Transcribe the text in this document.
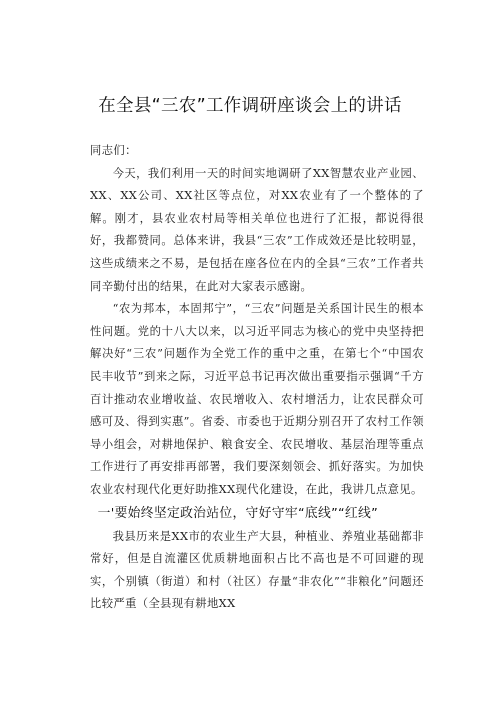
在全县“三农”工作调研座谈会上的讲话

同志们：

今天，我们利用一天的时间实地调研了XX智慧农业产业园、XX、XX公司、XX社区等点位，对XX农业有了一个整体的了解。刚才，县农业农村局等相关单位也进行了汇报，都说得很好，我都赞同。总体来讲，我县“三农”工作成效还是比较明显，这些成绩来之不易，是包括在座各位在内的全县“三农”工作者共同辛勤付出的结果，在此对大家表示感谢。

“农为邦本，本固邦宁”，“三农”问题是关系国计民生的根本性问题。党的十八大以来，以习近平同志为核心的党中央坚持把解决好“三农”问题作为全党工作的重中之重，在第七个“中国农民丰收节”到来之际，习近平总书记再次做出重要指示强调“千方百计推动农业增收益、农民增收入、农村增活力，让农民群众可感可及、得到实惠”。省委、市委也于近期分别召开了农村工作领导小组会，对耕地保护、粮食安全、农民增收、基层治理等重点工作进行了再安排再部署，我们要深刻领会、抓好落实。为加快农业农村现代化更好助推XX现代化建设，在此，我讲几点意见。

一'要始终坚定政治站位，守好守牢“底线”“红线”

我县历来是XX市的农业生产大县，种植业、养殖业基础都非常好，但是自流灌区优质耕地面积占比不高也是不可回避的现实，个别镇（街道）和村（社区）存量“非农化”“非粮化”问题还比较严重（全县现有耕地XX
